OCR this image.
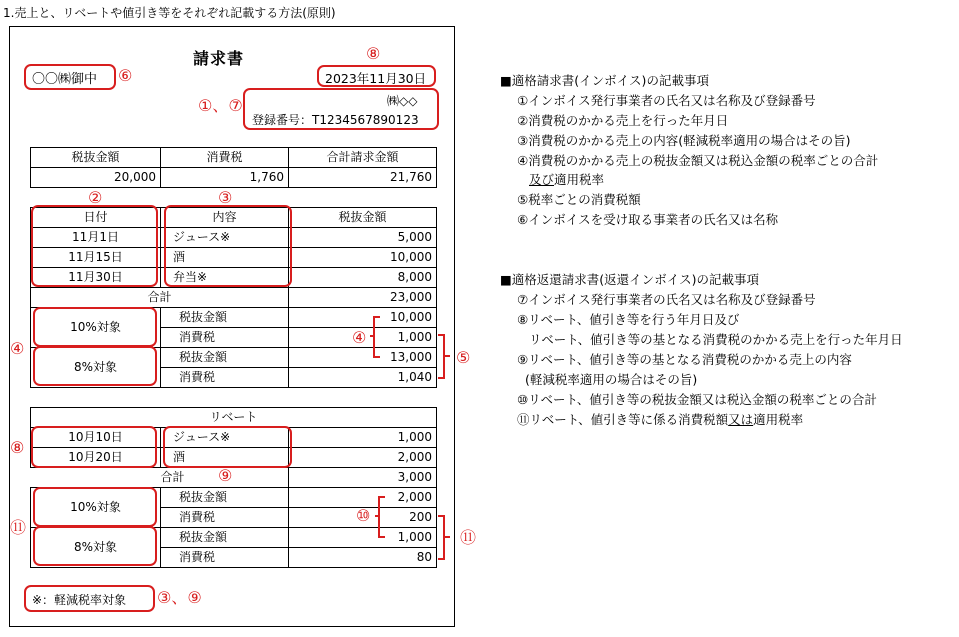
1.売上と、リベートや値引き等をそれぞれ記載する方法(原則)
請求書
〇〇㈱御中 ⑥
⑧
2023年11月30日
①、⑦	㈱◇◇
登録番号：T1234567890123
税抜金額	消費税	合計請求金額
20,000	1,760	21,760
②	③
日付	内容	税抜金額
11月1日	ジュース※	5,000
11月15日	酒	10,000
11月30日	弁当※	8,000
合計		23,000
10%対象	税抜金額	10,000
	消費税	1,000
8%対象	税抜金額	13,000
	消費税	1,040
④
④
⑤
リベート		
10月10日	ジュース※	1,000
10月20日	酒	2,000
	合計	3,000
10%対象	税抜金額	2,000
	消費税	200
8%対象	税抜金額	1,000
	消費税	80
⑧
⑨
⑪
⑩
⑪
※：軽減税率対象 ③、⑨
■適格請求書(インボイス)の記載事項
①インボイス発行事業者の氏名又は名称及び登録番号
②消費税のかかる売上を行った年月日
③消費税のかかる売上の内容(軽減税率適用の場合はその旨)
④消費税のかかる売上の税抜金額又は税込金額の税率ごとの合計
及び適用税率
⑤税率ごとの消費税額
⑥インボイスを受け取る事業者の氏名又は名称
■適格返還請求書(返還インボイス)の記載事項
⑦インボイス発行事業者の氏名又は名称及び登録番号
⑧リベート、値引き等を行う年月日及び
リベート、値引き等の基となる消費税のかかる売上を行った年月日
⑨リベート、値引き等の基となる消費税のかかる売上の内容
(軽減税率適用の場合はその旨)
⑩リベート、値引き等の税抜金額又は税込金額の税率ごとの合計
⑪リベート、値引き等に係る消費税額又は適用税率
